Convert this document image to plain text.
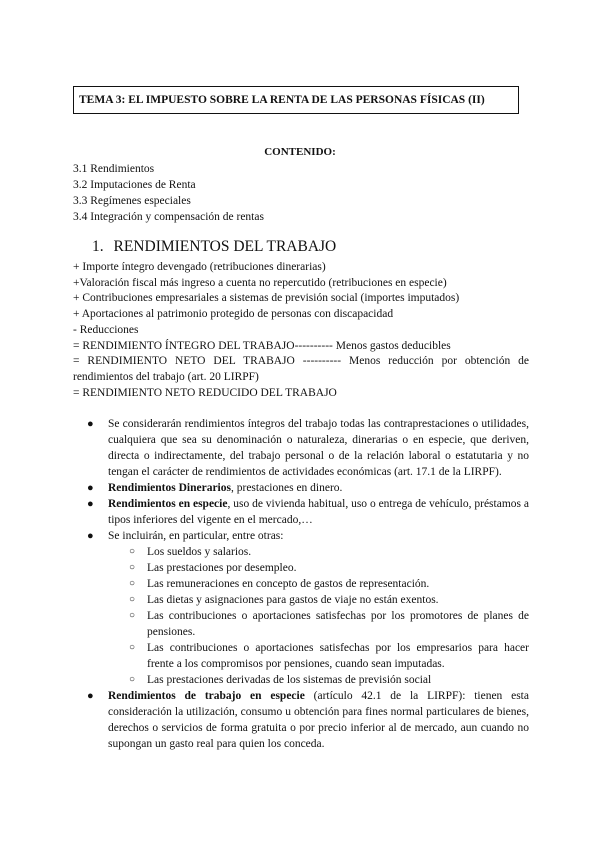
TEMA 3: EL IMPUESTO SOBRE LA RENTA DE LAS PERSONAS FÍSICAS (II)
CONTENIDO:
3.1 Rendimientos
3.2 Imputaciones de Renta
3.3 Regímenes especiales
3.4 Integración y compensación de rentas
1. RENDIMIENTOS DEL TRABAJO
+ Importe íntegro devengado (retribuciones dinerarias)
+Valoración fiscal más ingreso a cuenta no repercutido (retribuciones en especie)
+ Contribuciones empresariales a sistemas de previsión social (importes imputados)
+ Aportaciones al patrimonio protegido de personas con discapacidad
- Reducciones
= RENDIMIENTO ÍNTEGRO DEL TRABAJO---------- Menos gastos deducibles
= RENDIMIENTO NETO DEL TRABAJO ---------- Menos reducción por obtención de
rendimientos del trabajo (art. 20 LIRPF)
= RENDIMIENTO NETO REDUCIDO DEL TRABAJO
● Se considerarán rendimientos íntegros del trabajo todas las contraprestaciones o utilidades, cualquiera que sea su denominación o naturaleza, dinerarias o en especie, que deriven, directa o indirectamente, del trabajo personal o de la relación laboral o estatutaria y no tengan el carácter de rendimientos de actividades económicas (art. 17.1 de la LIRPF).
● Rendimientos Dinerarios, prestaciones en dinero.
● Rendimientos en especie, uso de vivienda habitual, uso o entrega de vehículo, préstamos a tipos inferiores del vigente en el mercado,…
● Se incluirán, en particular, entre otras:
○ Los sueldos y salarios.
○ Las prestaciones por desempleo.
○ Las remuneraciones en concepto de gastos de representación.
○ Las dietas y asignaciones para gastos de viaje no están exentos.
○ Las contribuciones o aportaciones satisfechas por los promotores de planes de pensiones.
○ Las contribuciones o aportaciones satisfechas por los empresarios para hacer frente a los compromisos por pensiones, cuando sean imputadas.
○ Las prestaciones derivadas de los sistemas de previsión social
● Rendimientos de trabajo en especie (artículo 42.1 de la LIRPF): tienen esta consideración la utilización, consumo u obtención para fines normal particulares de bienes, derechos o servicios de forma gratuita o por precio inferior al de mercado, aun cuando no supongan un gasto real para quien los conceda.
